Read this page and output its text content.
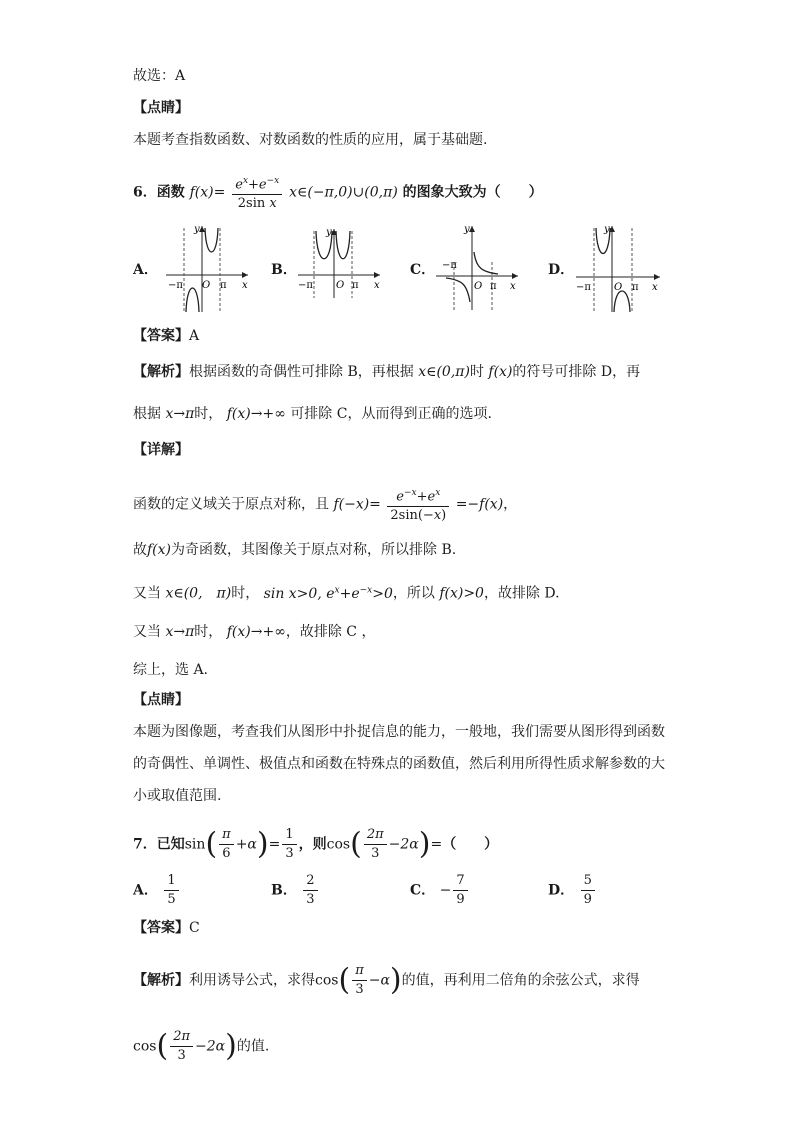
故选：A
【点睛】
本题考查指数函数、对数函数的性质的应用，属于基础题.
6．函数 $f(x)= \frac{e^x+e^{-x}}{\text{2sin x}}$ x∈(−π,0)∪(0,π) 的图象大致为（　　）
A．	B．	C．	D．
y
x
O π
−π
y
x
O π
−π
y
x
O π
−π
y
x
O π
−π
【答案】A
【解析】根据函数的奇偶性可排除 B，再根据 x∈(0,π)时 f(x)的符号可排除 D，再
根据 x→π时， f(x)→+∞ 可排除 C，从而得到正确的选项.
【详解】
函数的定义域关于原点对称，且 $f(-x)= \frac{e^{-x}+e^x}{2\sin(-x)} =-f(x)$，
故f(x)为奇函数，其图像关于原点对称，所以排除 B.
又当 x∈(0,　π)时， sin x>0, $e^x+e^{-x}>0$，所以 f(x)>0，故排除 D.
又当 x→π时， f(x)→+∞，故排除 C ，
综上，选 A.
【点睛】
本题为图像题，考查我们从图形中扑捉信息的能力，一般地，我们需要从图形得到函数
的奇偶性、单调性、极值点和函数在特殊点的函数值，然后利用所得性质求解参数的大
小或取值范围.
7．已知$\sin( \frac{\pi}{6} +\alpha)= \frac{1}{3}$ ，则$\cos( \frac{2\pi}{3} -2\alpha)=$（　　）
A． $\frac{1}{5}$	B． $\frac{2}{3}$	C． − $\frac{7}{9}$	D． $\frac{5}{9}$
【答案】C
【解析】利用诱导公式，求得$\cos( \frac{\pi}{3} -\alpha)$的值，再利用二倍角的余弦公式，求得
$\cos( \frac{2\pi}{3} -2\alpha)$的值.
